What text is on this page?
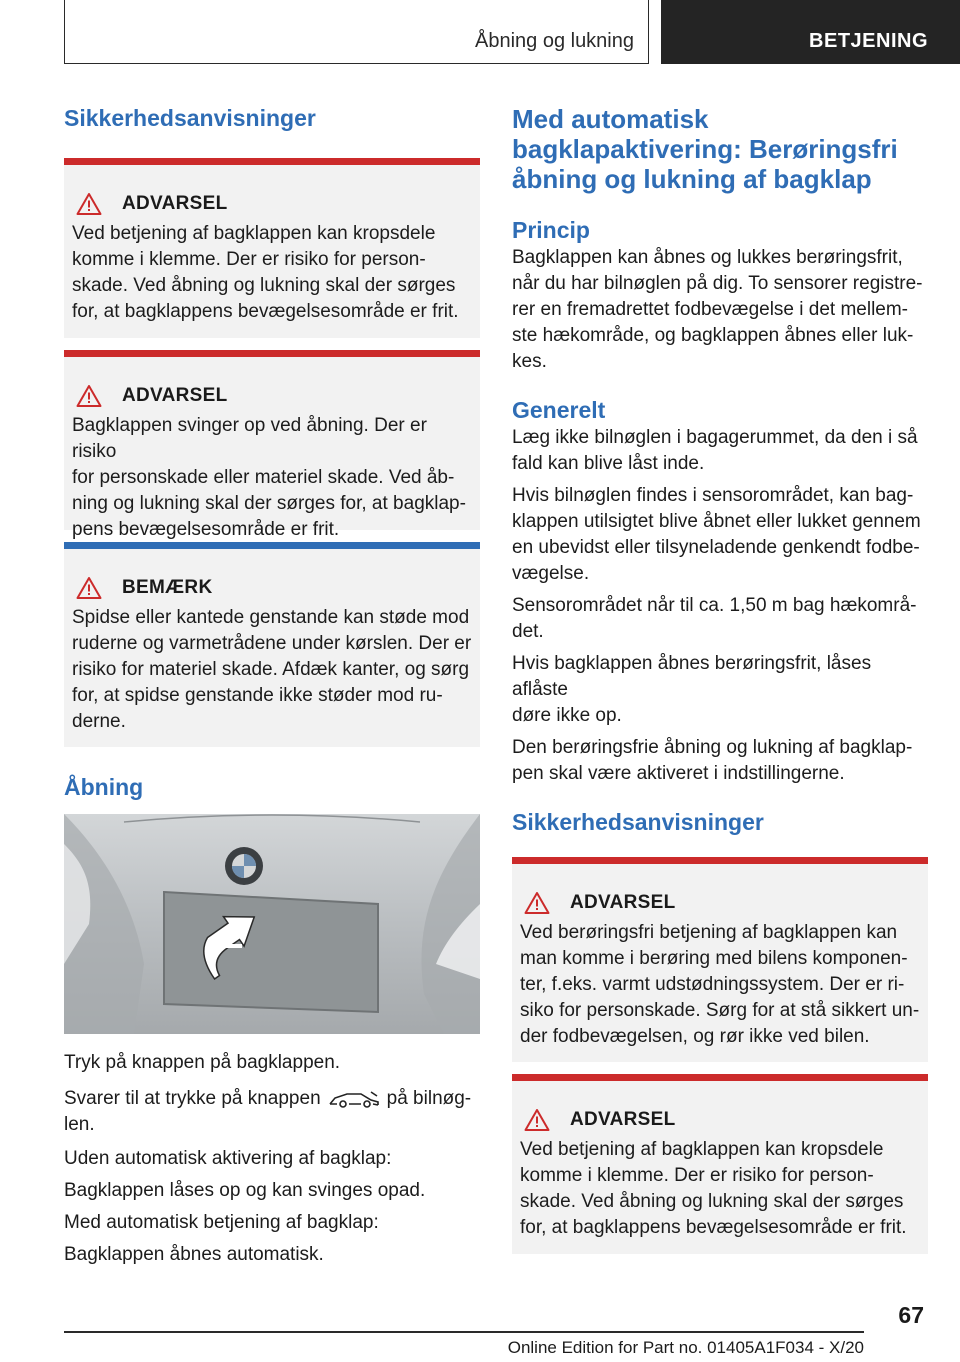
Åbning og lukning	BETJENING
Sikkerhedsanvisninger
ADVARSEL

Ved betjening af bagklappen kan kropsdele

komme i klemme. Der er risiko for person-

skade. Ved åbning og lukning skal der sørges

for, at bagklappens bevægelsesområde er frit.

ADVARSEL

Bagklappen svinger op ved åbning. Der er risiko

for personskade eller materiel skade. Ved åb-

ning og lukning skal der sørges for, at bagklap-

pens bevægelsesområde er frit.

BEMÆRK

Spidse eller kantede genstande kan støde mod

ruderne og varmetrådene under kørslen. Der er

risiko for materiel skade. Afdæk kanter, og sørg

for, at spidse genstande ikke støder mod ru-

derne.

Åbning

Tryk på knappen på bagklappen.

Svarer til at trykke på knappen	på bilnøg-
len.

Uden automatisk aktivering af bagklap:

Bagklappen låses op og kan svinges opad.

Med automatisk betjening af bagklap:

Bagklappen åbnes automatisk.

Med automatisk
bagklapaktivering: Berøringsfri
åbning og lukning af bagklap
Princip

Bagklappen kan åbnes og lukkes berøringsfrit,

når du har bilnøglen på dig. To sensorer registre-

rer en fremadrettet fodbevægelse i det mellem-

ste hækområde, og bagklappen åbnes eller luk-

kes.

Generelt

Læg ikke bilnøglen i bagagerummet, da den i så

fald kan blive låst inde.

Hvis bilnøglen findes i sensorområdet, kan bag-

klappen utilsigtet blive åbnet eller lukket gennem

en ubevidst eller tilsyneladende genkendt fodbe-

vægelse.

Sensorområdet når til ca. 1,50 m bag hækområ-

det.

Hvis bagklappen åbnes berøringsfrit, låses aflåste

døre ikke op.

Den berøringsfrie åbning og lukning af bagklap-

pen skal være aktiveret i indstillingerne.

Sikkerhedsanvisninger
ADVARSEL

Ved berøringsfri betjening af bagklappen kan

man komme i berøring med bilens komponen-

ter, f.eks. varmt udstødningssystem. Der er ri-

siko for personskade. Sørg for at stå sikkert un-

der fodbevægelsen, og rør ikke ved bilen.

ADVARSEL

Ved betjening af bagklappen kan kropsdele

komme i klemme. Der er risiko for person-

skade. Ved åbning og lukning skal der sørges

for, at bagklappens bevægelsesområde er frit.

67
Online Edition for Part no. 01405A1F034 - X/20
